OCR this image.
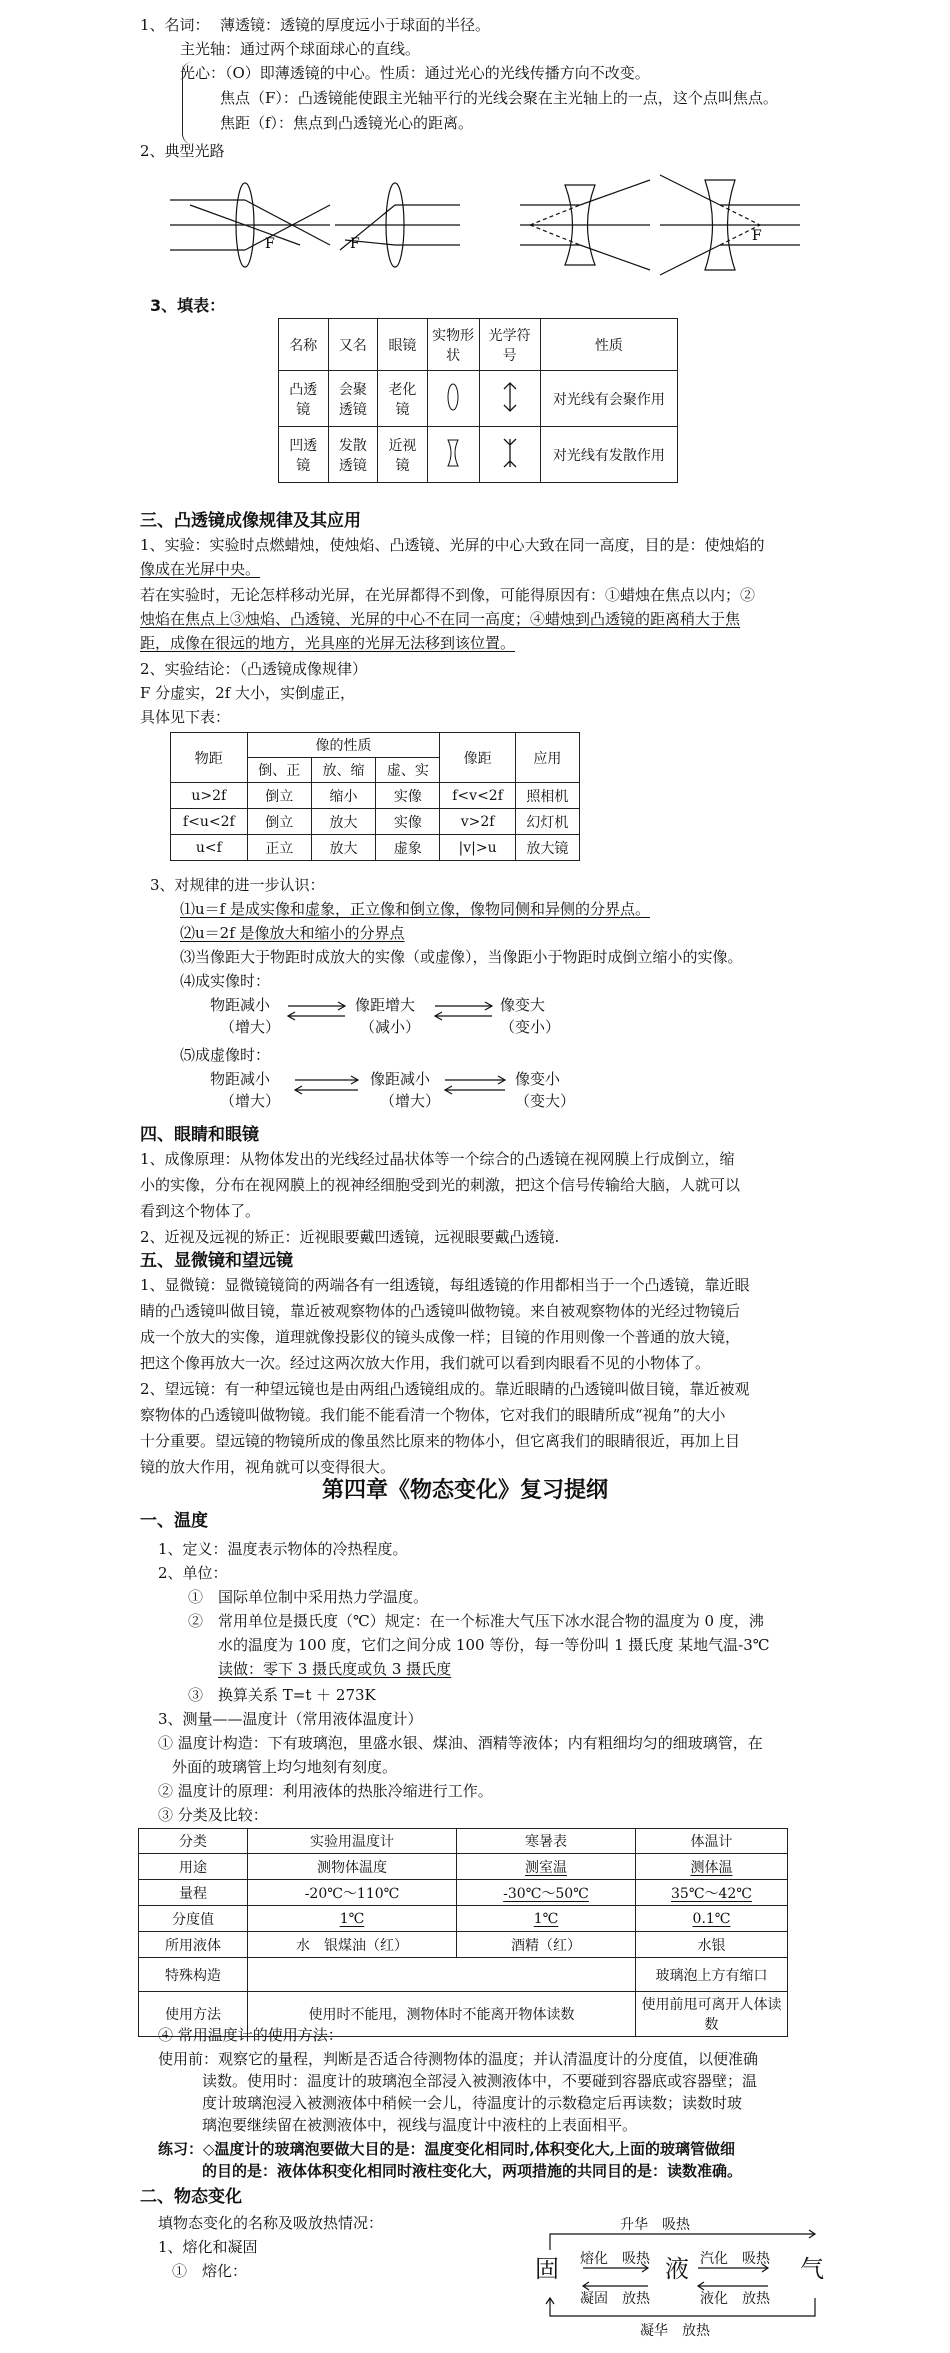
1、名词： 薄透镜：透镜的厚度远小于球面的半径。
主光轴：通过两个球面球心的直线。
光心：（O）即薄透镜的中心。性质：通过光心的光线传播方向不改变。
焦点（F）：凸透镜能使跟主光轴平行的光线会聚在主光轴上的一点，这个点叫焦点。
焦距（f）：焦点到凸透镜光心的距离。
2、典型光路
F	F	F
3、填表：
名称	又名	眼镜	实物形状	光学符号	性质
凸透镜	会聚透镜	老化镜			对光线有会聚作用
凹透镜	发散透镜	近视镜			对光线有发散作用
三、凸透镜成像规律及其应用
1、实验：实验时点燃蜡烛，使烛焰、凸透镜、光屏的中心大致在同一高度，目的是：使烛焰的
像成在光屏中央。
若在实验时，无论怎样移动光屏，在光屏都得不到像，可能得原因有：①蜡烛在焦点以内；②
烛焰在焦点上③烛焰、凸透镜、光屏的中心不在同一高度；④蜡烛到凸透镜的距离稍大于焦
距，成像在很远的地方，光具座的光屏无法移到该位置。
2、实验结论：（凸透镜成像规律）
F 分虚实，2f 大小，实倒虚正，
具体见下表：
物距	像的性质			像距	应用
	倒、正	放、缩	虚、实		
u>2f	倒立	缩小	实像	f<v<2f	照相机
f<u<2f	倒立	放大	实像	v>2f	幻灯机
u<f	正立	放大	虚象	|v|>u	放大镜
3、对规律的进一步认识：
⑴u＝f 是成实像和虚象，正立像和倒立像，像物同侧和异侧的分界点。
⑵u＝2f 是像放大和缩小的分界点
⑶当像距大于物距时成放大的实像（或虚像），当像距小于物距时成倒立缩小的实像。
⑷成实像时：
物距减小
（增大）
像距增大
（减小）
像变大
（变小）
⑸成虚像时：
物距减小
（增大）
像距减小
（增大）
像变小
（变大）
四、眼睛和眼镜
1、成像原理：从物体发出的光线经过晶状体等一个综合的凸透镜在视网膜上行成倒立，缩
小的实像，分布在视网膜上的视神经细胞受到光的刺激，把这个信号传输给大脑，人就可以
看到这个物体了。
2、近视及远视的矫正：近视眼要戴凹透镜，远视眼要戴凸透镜.
五、显微镜和望远镜
1、显微镜：显微镜镜筒的两端各有一组透镜，每组透镜的作用都相当于一个凸透镜，靠近眼
睛的凸透镜叫做目镜，靠近被观察物体的凸透镜叫做物镜。来自被观察物体的光经过物镜后
成一个放大的实像，道理就像投影仪的镜头成像一样；目镜的作用则像一个普通的放大镜，
把这个像再放大一次。经过这两次放大作用，我们就可以看到肉眼看不见的小物体了。
2、望远镜：有一种望远镜也是由两组凸透镜组成的。靠近眼睛的凸透镜叫做目镜，靠近被观
察物体的凸透镜叫做物镜。我们能不能看清一个物体，它对我们的眼睛所成“视角”的大小
十分重要。望远镜的物镜所成的像虽然比原来的物体小，但它离我们的眼睛很近，再加上目
镜的放大作用，视角就可以变得很大。
第四章《物态变化》复习提纲
一、温度
1、定义：温度表示物体的冷热程度。
2、单位：
①　国际单位制中采用热力学温度。
②　常用单位是摄氏度（℃）规定：在一个标准大气压下冰水混合物的温度为 0 度，沸
水的温度为 100 度，它们之间分成 100 等份，每一等份叫 1 摄氏度 某地气温-3℃
读做：零下 3 摄氏度或负 3 摄氏度
③　换算关系 T=t ＋ 273K
3、测量——温度计（常用液体温度计）
① 温度计构造：下有玻璃泡，里盛水银、煤油、酒精等液体；内有粗细均匀的细玻璃管，在
外面的玻璃管上均匀地刻有刻度。
② 温度计的原理：利用液体的热胀冷缩进行工作。
③ 分类及比较：
分类	实验用温度计	寒暑表	体温计
用途	测物体温度	测室温	测体温
量程	-20℃～110℃	-30℃～50℃	35℃～42℃
分度值	1℃	1℃	0.1℃
所用液体	水　银煤油（红）	酒精（红）	水银
特殊构造			玻璃泡上方有缩口
使用方法	使用时不能甩，测物体时不能离开物体读数		使用前甩可离开人体读数
④ 常用温度计的使用方法：
使用前：观察它的量程，判断是否适合待测物体的温度；并认清温度计的分度值，以便准确
读数。使用时：温度计的玻璃泡全部浸入被测液体中，不要碰到容器底或容器壁；温
度计玻璃泡浸入被测液体中稍候一会儿，待温度计的示数稳定后再读数；读数时玻
璃泡要继续留在被测液体中，视线与温度计中液柱的上表面相平。
练习：◇温度计的玻璃泡要做大目的是：温度变化相同时,体积变化大,上面的玻璃管做细
的目的是：液体体积变化相同时液柱变化大，两项措施的共同目的是：读数准确。
二、物态变化
填物态变化的名称及吸放热情况：
1、熔化和凝固
①　熔化：
升华　吸热
固	液	气
熔化　吸热
凝固　放热
汽化　吸热
液化　放热
凝华　放热
